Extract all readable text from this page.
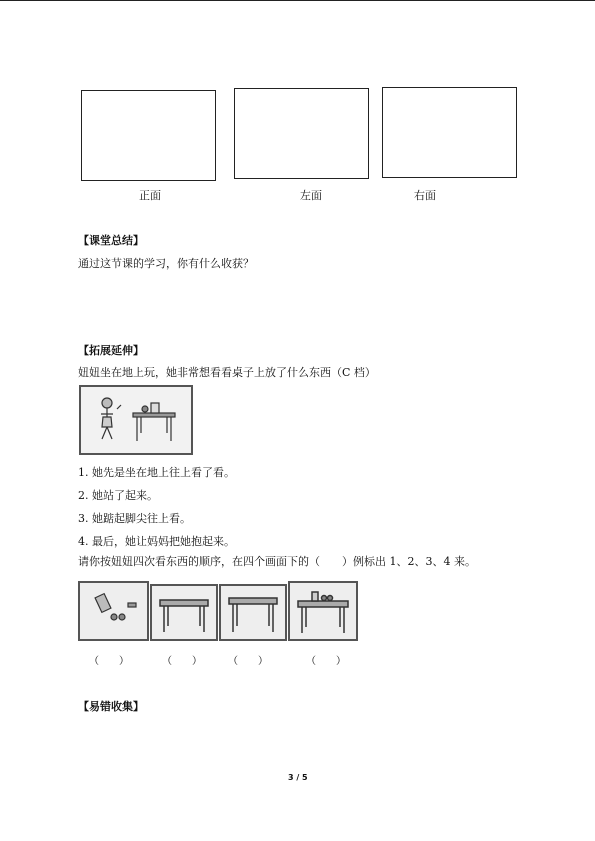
正面	左面	右面
【课堂总结】
通过这节课的学习，你有什么收获？
【拓展延伸】
妞妞坐在地上玩，她非常想看看桌子上放了什么东西（C 档）
1. 她先是坐在地上往上看了看。
2. 她站了起来。
3. 她踮起脚尖往上看。
4. 最后，她让妈妈把她抱起来。
请你按妞妞四次看东西的顺序，在四个画面下的（　　）例标出 1、2、3、4 来。
（　　）	（　　）	（　　）	（　　）
【易错收集】
3 / 5
